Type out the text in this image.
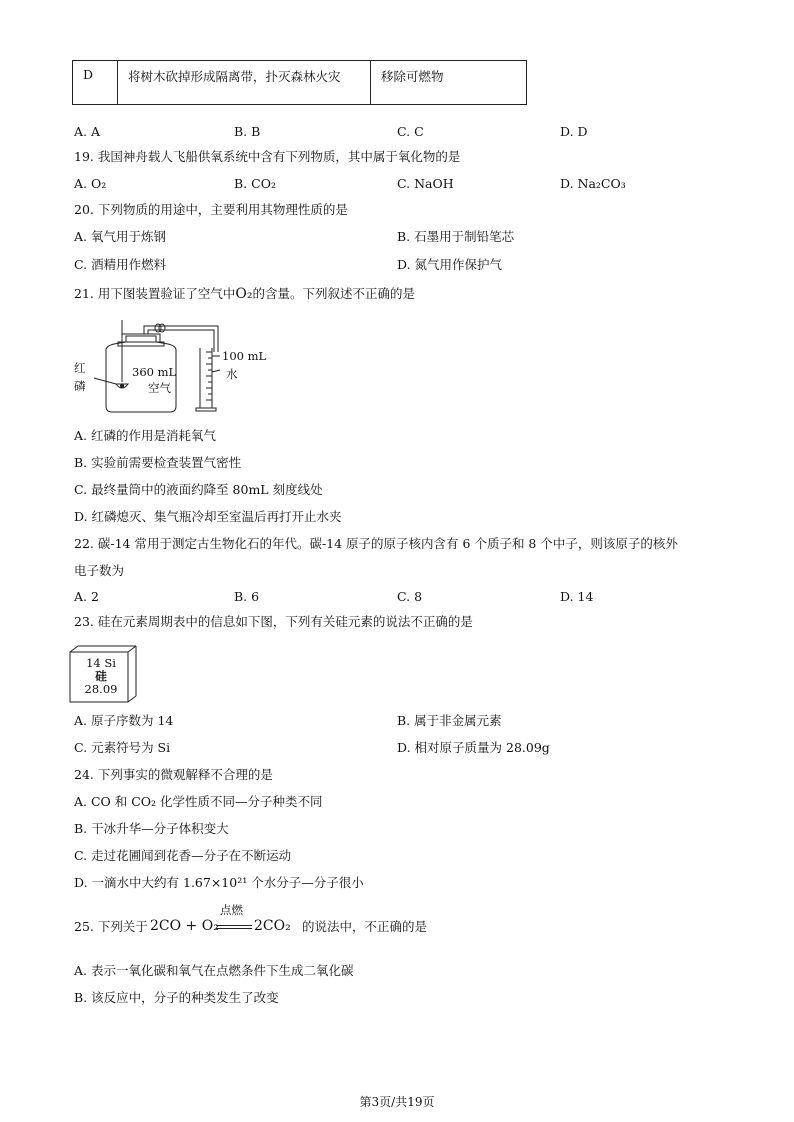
D	将树木砍掉形成隔离带，扑灭森林火灾	移除可燃物
A. A	B. B	C. C	D. D
19. 我国神舟载人飞船供氧系统中含有下列物质，其中属于氧化物的是
A. O₂	B. CO₂	C. NaOH	D. Na₂CO₃
20. 下列物质的用途中，主要利用其物理性质的是
A. 氧气用于炼钢	B. 石墨用于制铅笔芯
C. 酒精用作燃料	D. 氮气用作保护气
21. 用下图装置验证了空气中O₂的含量。下列叙述不正确的是
红
磷
360 mL
空气
100 mL
水
A. 红磷的作用是消耗氧气
B. 实验前需要检查装置气密性
C. 最终量筒中的液面约降至 80mL 刻度线处
D. 红磷熄灭、集气瓶冷却至室温后再打开止水夹
22. 碳-14 常用于测定古生物化石的年代。碳-14 原子的原子核内含有 6 个质子和 8 个中子，则该原子的核外
电子数为
A. 2	B. 6	C. 8	D. 14
23. 硅在元素周期表中的信息如下图，下列有关硅元素的说法不正确的是
14 Si
硅
28.09
A. 原子序数为 14	B. 属于非金属元素
C. 元素符号为 Si	D. 相对原子质量为 28.09g
24. 下列事实的微观解释不合理的是
A. CO 和 CO₂ 化学性质不同—分子种类不同
B. 干冰升华—分子体积变大
C. 走过花圃闻到花香—分子在不断运动
D. 一滴水中大约有 1.67×10²¹ 个水分子—分子很小
25. 下列关于 2CO + O₂
点燃
2CO₂ 的说法中，不正确的是
A. 表示一氧化碳和氧气在点燃条件下生成二氧化碳
B. 该反应中，分子的种类发生了改变
第3页/共19页
